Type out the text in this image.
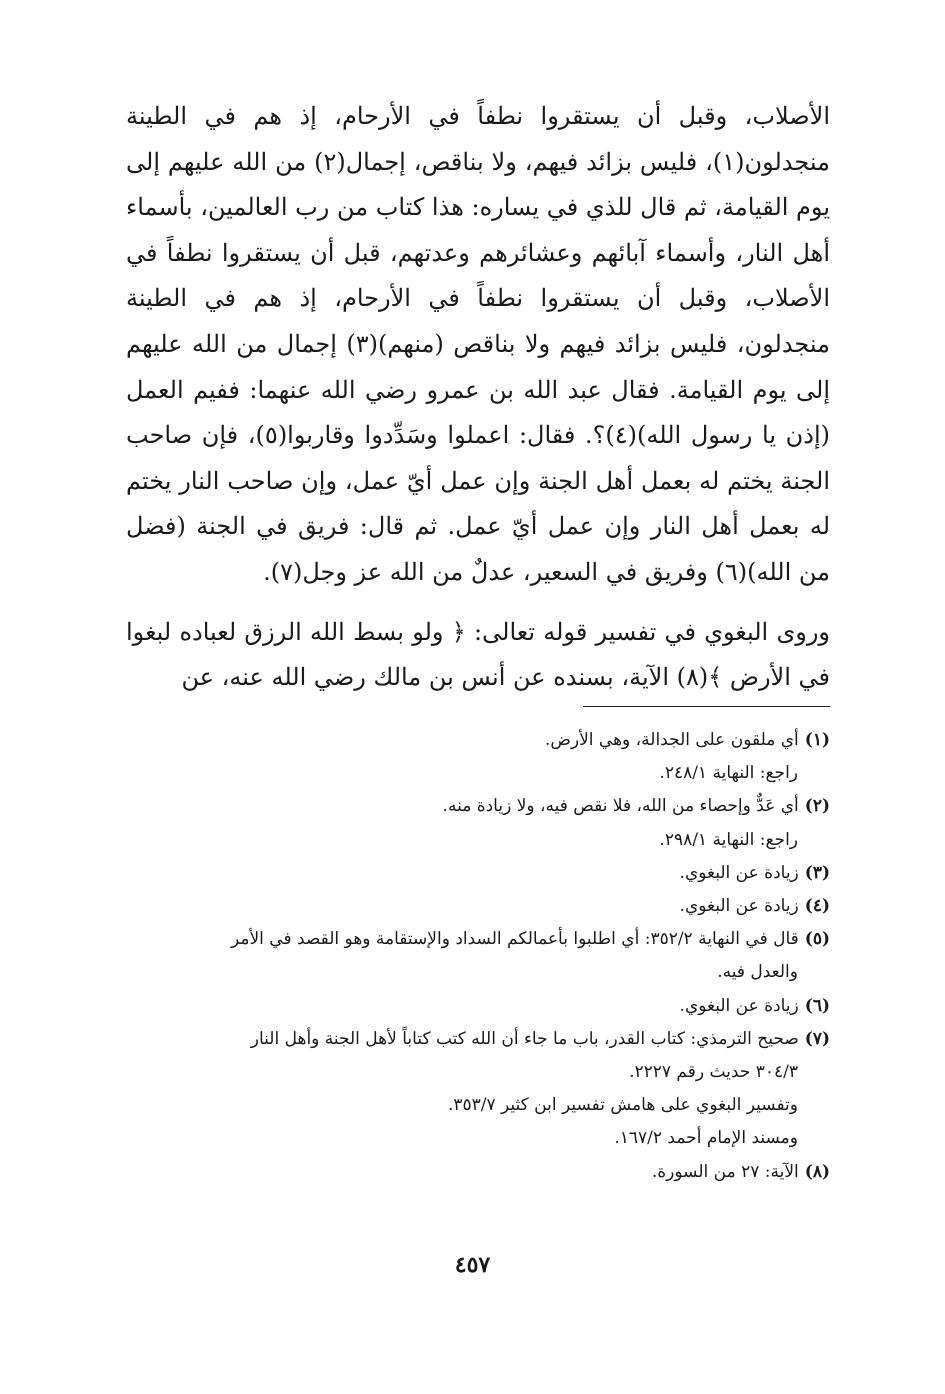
الأصلاب، وقبل أن يستقروا نطفاً في الأرحام، إذ هم في الطينة منجدلون(١)، فليس بزائد فيهم، ولا بناقص، إجمال(٢) من الله عليهم إلى يوم القيامة، ثم قال للذي في يساره: هذا كتاب من رب العالمين، بأسماء أهل النار، وأسماء آبائهم وعشائرهم وعدتهم، قبل أن يستقروا نطفاً في الأصلاب، وقبل أن يستقروا نطفاً في الأرحام، إذ هم في الطينة منجدلون، فليس بزائد فيهم ولا بناقص (منهم)(٣) إجمال من الله عليهم إلى يوم القيامة. فقال عبد الله بن عمرو رضي الله عنهما: ففيم العمل (إذن يا رسول الله)(٤)؟. فقال: اعملوا وسَدِّدوا وقاربوا(٥)، فإن صاحب الجنة يختم له بعمل أهل الجنة وإن عمل أيّ عمل، وإن صاحب النار يختم له بعمل أهل النار وإن عمل أيّ عمل. ثم قال: فريق في الجنة (فضل من الله)(٦) وفريق في السعير، عدلٌ من الله عز وجل(٧).

وروى البغوي في تفسير قوله تعالى: ﴿ ولو بسط الله الرزق لعباده لبغوا في الأرض ﴾(٨) الآية، بسنده عن أنس بن مالك رضي الله عنه، عن

(١)أي ملقون على الجدالة، وهي الأرض.
راجع: النهاية ٢٤٨/١.
(٢)أي عَدٌّ وإحصاء من الله، فلا نقص فيه، ولا زيادة منه.
راجع: النهاية ٢٩٨/١.
(٣)زيادة عن البغوي.
(٤)زيادة عن البغوي.
(٥)قال في النهاية ٣٥٢/٢: أي اطلبوا بأعمالكم السداد والإستقامة وهو القصد في الأمر
والعدل فيه.
(٦)زيادة عن البغوي.
(٧)صحيح الترمذي: كتاب القدر، باب ما جاء أن الله كتب كتاباً لأهل الجنة وأهل النار
٣٠٤/٣ حديث رقم ٢٢٢٧.
وتفسير البغوي على هامش تفسير ابن كثير ٣٥٣/٧.
ومسند الإمام أحمد ١٦٧/٢.
(٨)الآية: ٢٧ من السورة.
٤٥٧
